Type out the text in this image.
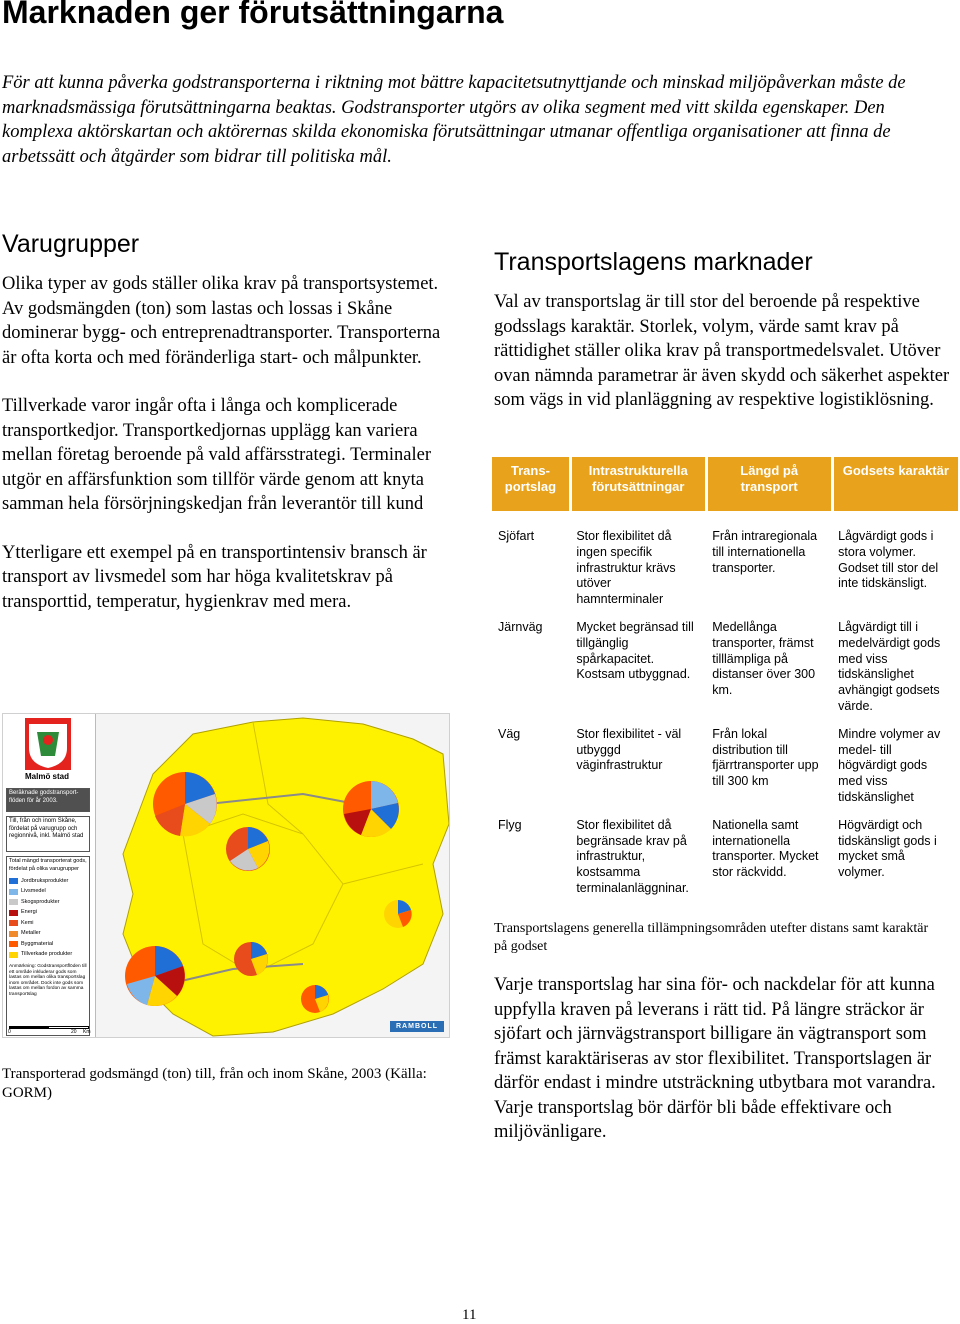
Marknaden ger förutsättningarna

För att kunna påverka godstransporterna i riktning mot bättre kapacitetsutnyttjande och minskad miljöpåverkan måste de marknadsmässiga förutsättningarna beaktas. Godstransporter utgörs av olika segment med vitt skilda egenskaper. Den komplexa aktörskartan och aktörernas skilda ekonomiska förutsättningar utmanar offentliga organisationer att finna de arbetssätt och åtgärder som bidrar till politiska mål.

Varugrupper

Olika typer av gods ställer olika krav på transportsystemet. Av godsmängden (ton) som lastas och lossas i Skåne dominerar bygg- och entreprenadtransporter. Transporterna är ofta korta och med föränderliga start- och målpunkter.

Tillverkade varor ingår ofta i långa och komplicerade transportkedjor. Transportkedjornas upplägg kan variera mellan företag beroende på vald affärsstrategi. Terminaler utgör en affärsfunktion som tillför värde genom att knyta samman hela försörjningskedjan från leverantör till kund

Ytterligare ett exempel på en transportintensiv bransch är transport av livsmedel som har höga kvalitetskrav på transporttid, temperatur, hygienkrav med mera.

Malmö stad
Beräknade godstransport-flöden för år 2003.
Till, från och inom Skåne, fördelat på varugrupp och regionnivå, inkl. Malmö stad
Total mängd transporterat gods, fördelat på olika varugrupper
Jordbruksprodukter
Livsmedel
Skogsprodukter
Energi
Kemi
Metaller
Byggmaterial
Tillverkade produkter
Anmärkning: Godstransportflöden till ett område inkluderar gods som lastas om mellan olika transportslag inom området. Dock inte gods som lastas om mellan fordon av samma transportslag
0	20 Km
RAMBOLL
Transporterad godsmängd (ton) till, från och inom Skåne, 2003 (Källa: GORM)
Transportslagens marknader

Val av transportslag är till stor del beroende på respektive godsslags karaktär. Storlek, volym, värde samt krav på rättidighet ställer olika krav på transportmedelsvalet. Utöver ovan nämnda parametrar är även skydd och säkerhet aspekter som vägs in vid planläggning av respektive logistiklösning.

Trans-portslag	Intrastrukturella förutsättningar	Längd på transport	Godsets karaktär
Sjöfart	Stor flexibilitet då ingen specifik infrastruktur krävs utöver hamnterminaler	Från intraregionala till internationella transporter.	Lågvärdigt gods i stora volymer. Godset till stor del inte tidskänsligt.
Järnväg	Mycket begränsad till tillgänglig spårkapacitet. Kostsam utbyggnad.	Medellånga transporter, främst tilllämpliga på distanser över 300 km.	Lågvärdigt till i medelvärdigt gods med viss tidskänslighet avhängigt godsets värde.
Väg	Stor flexibilitet - väl utbyggd väginfrastruktur	Från lokal distribution till fjärrtransporter upp till 300 km	Mindre volymer av medel- till högvärdigt gods med viss tidskänslighet
Flyg	Stor flexibilitet då begränsade krav på infrastruktur, kostsamma terminalanläggninar.	Nationella samt internationella transporter. Mycket stor räckvidd.	Högvärdigt och tidskänsligt gods i mycket små volymer.
Transportslagens generella tillämpningsområden utefter distans samt karaktär på godset

Varje transportslag har sina för- och nackdelar för att kunna uppfylla kraven på leverans i rätt tid. På längre sträckor är sjöfart och järnvägstransport billigare än vägtransport som främst karaktäriseras av stor flexibilitet. Transportslagen är därför endast i mindre utsträckning utbytbara mot varandra. Varje transportslag bör därför bli både effektivare och miljövänligare.

11
